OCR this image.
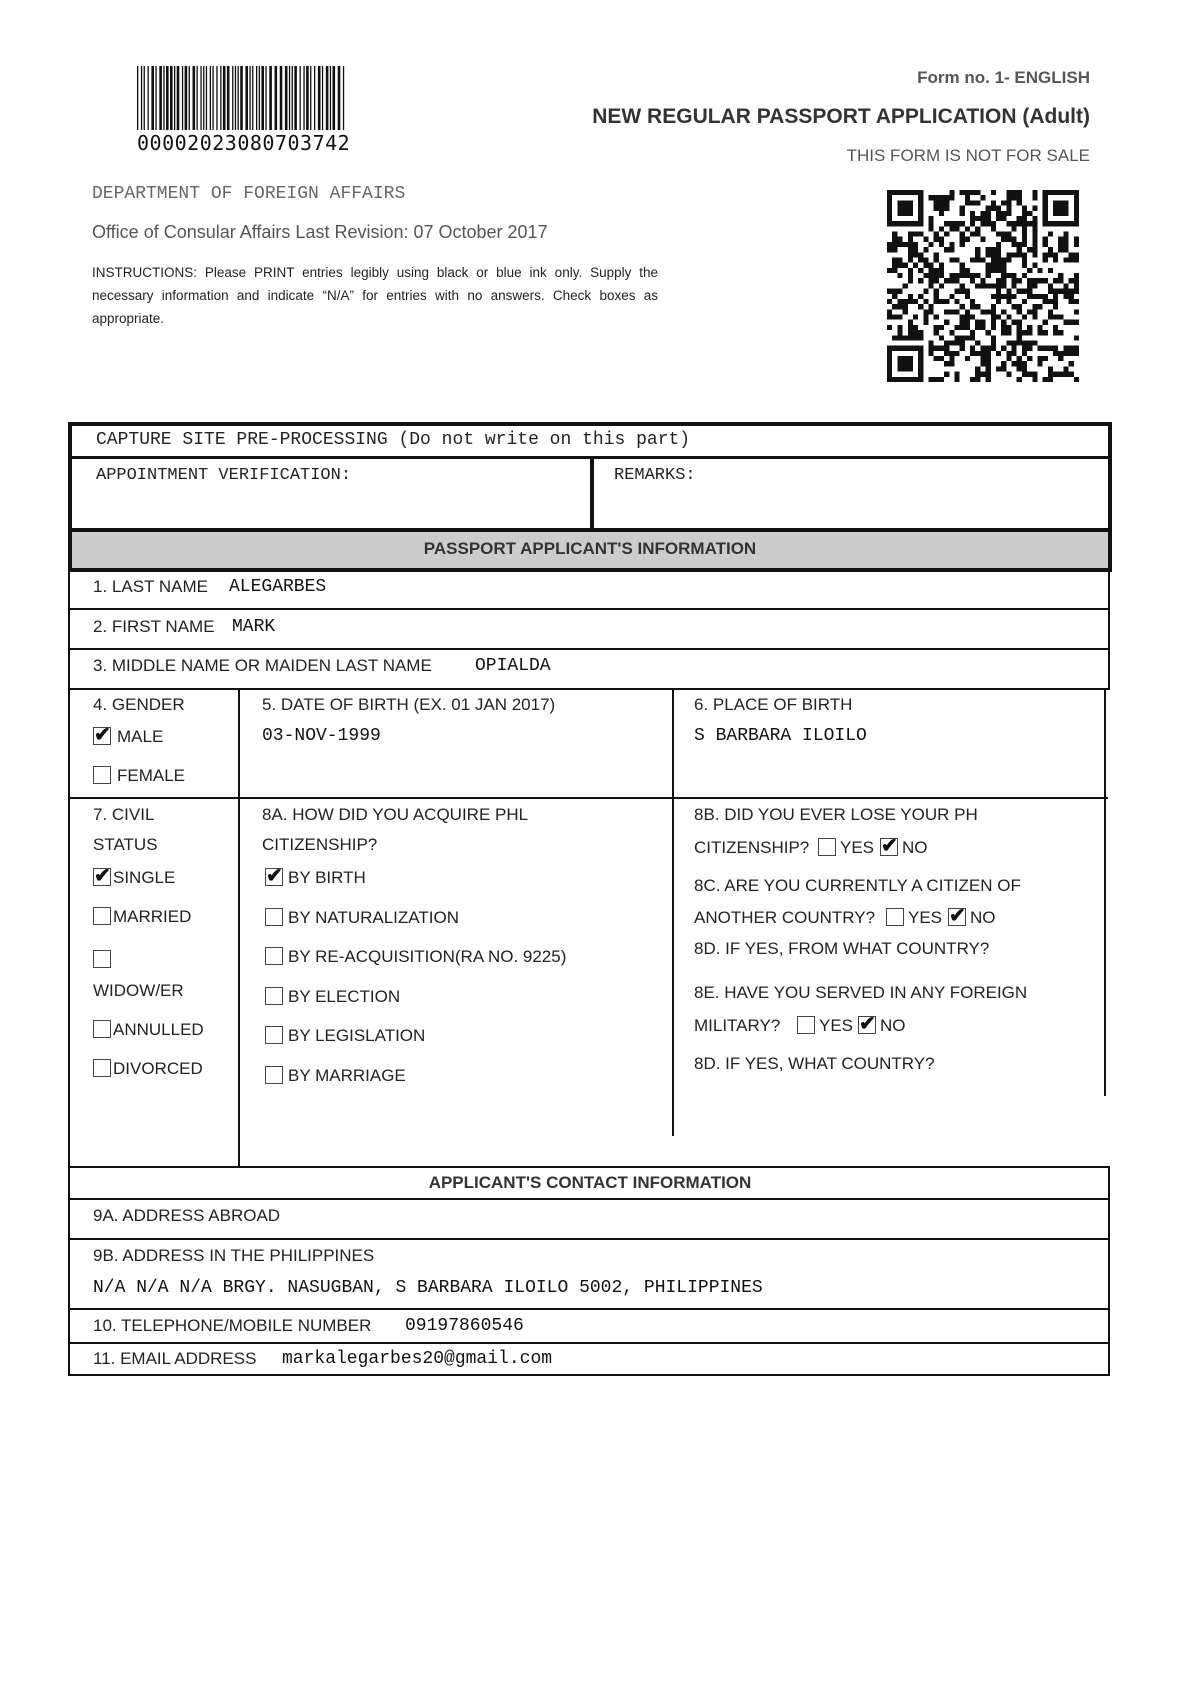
00002023080703742
Form no. 1- ENGLISH
NEW REGULAR PASSPORT APPLICATION (Adult)
THIS FORM IS NOT FOR SALE
DEPARTMENT OF FOREIGN AFFAIRS
Office of Consular Affairs Last Revision: 07 October 2017
INSTRUCTIONS: Please PRINT entries legibly using black or blue ink only. Supply the necessary information and indicate “N/A” for entries with no answers. Check boxes as appropriate.
CAPTURE SITE PRE-PROCESSING (Do not write on this part)
APPOINTMENT VERIFICATION:	REMARKS:
PASSPORT APPLICANT'S INFORMATION
1. LAST NAME ALEGARBES
2. FIRST NAME MARK
3. MIDDLE NAME OR MAIDEN LAST NAME OPIALDA
4. GENDER
✔ MALE
FEMALE
5. DATE OF BIRTH (EX. 01 JAN 2017)
03-NOV-1999
6. PLACE OF BIRTH
S BARBARA ILOILO
7. CIVIL
STATUS
✔ SINGLE
MARRIED
WIDOW/ER
ANNULLED
DIVORCED
8A. HOW DID YOU ACQUIRE PHL
CITIZENSHIP?
✔ BY BIRTH
BY NATURALIZATION
BY RE-ACQUISITION(RA NO. 9225)
BY ELECTION
BY LEGISLATION
BY MARRIAGE
8B. DID YOU EVER LOSE YOUR PH
CITIZENSHIP? YES ✔ NO
8C. ARE YOU CURRENTLY A CITIZEN OF
ANOTHER COUNTRY? YES ✔ NO
8D. IF YES, FROM WHAT COUNTRY?
8E. HAVE YOU SERVED IN ANY FOREIGN
MILITARY? YES ✔ NO
8D. IF YES, WHAT COUNTRY?
APPLICANT'S CONTACT INFORMATION
9A. ADDRESS ABROAD
9B. ADDRESS IN THE PHILIPPINES
N/A N/A N/A BRGY. NASUGBAN, S BARBARA ILOILO 5002, PHILIPPINES
10. TELEPHONE/MOBILE NUMBER 09197860546
11. EMAIL ADDRESS markalegarbes20@gmail.com
